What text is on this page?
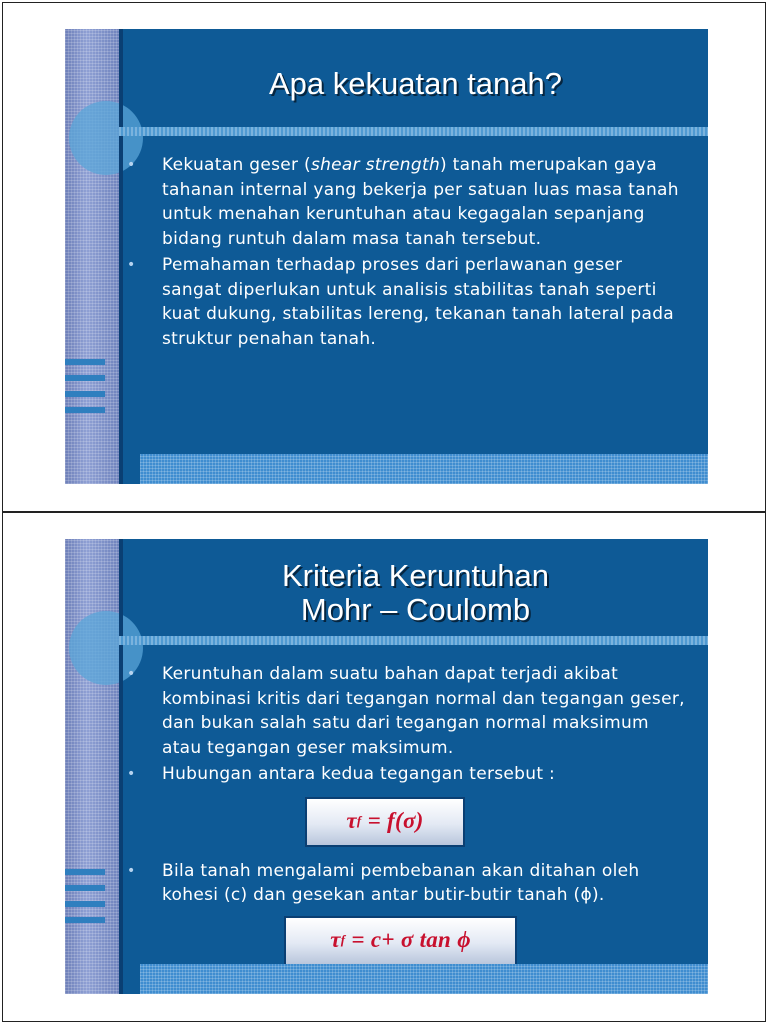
Apa kekuatan tanah?
• Kekuatan geser (shear strength) tanah merupakan gaya tahanan internal yang bekerja per satuan luas masa tanah untuk menahan keruntuhan atau kegagalan sepanjang bidang runtuh dalam masa tanah tersebut.
• Pemahaman terhadap proses dari perlawanan geser sangat diperlukan untuk analisis stabilitas tanah seperti kuat dukung, stabilitas lereng, tekanan tanah lateral pada struktur penahan tanah.
Kriteria Keruntuhan
Mohr – Coulomb
• Keruntuhan dalam suatu bahan dapat terjadi akibat kombinasi kritis dari tegangan normal dan tegangan geser, dan bukan salah satu dari tegangan normal maksimum atau tegangan geser maksimum.
• Hubungan antara kedua tegangan tersebut :
τ f = f(σ)
• Bila tanah mengalami pembebanan akan ditahan oleh kohesi (c) dan gesekan antar butir-butir tanah (ϕ).
τ f = c+ σ tan ϕ
